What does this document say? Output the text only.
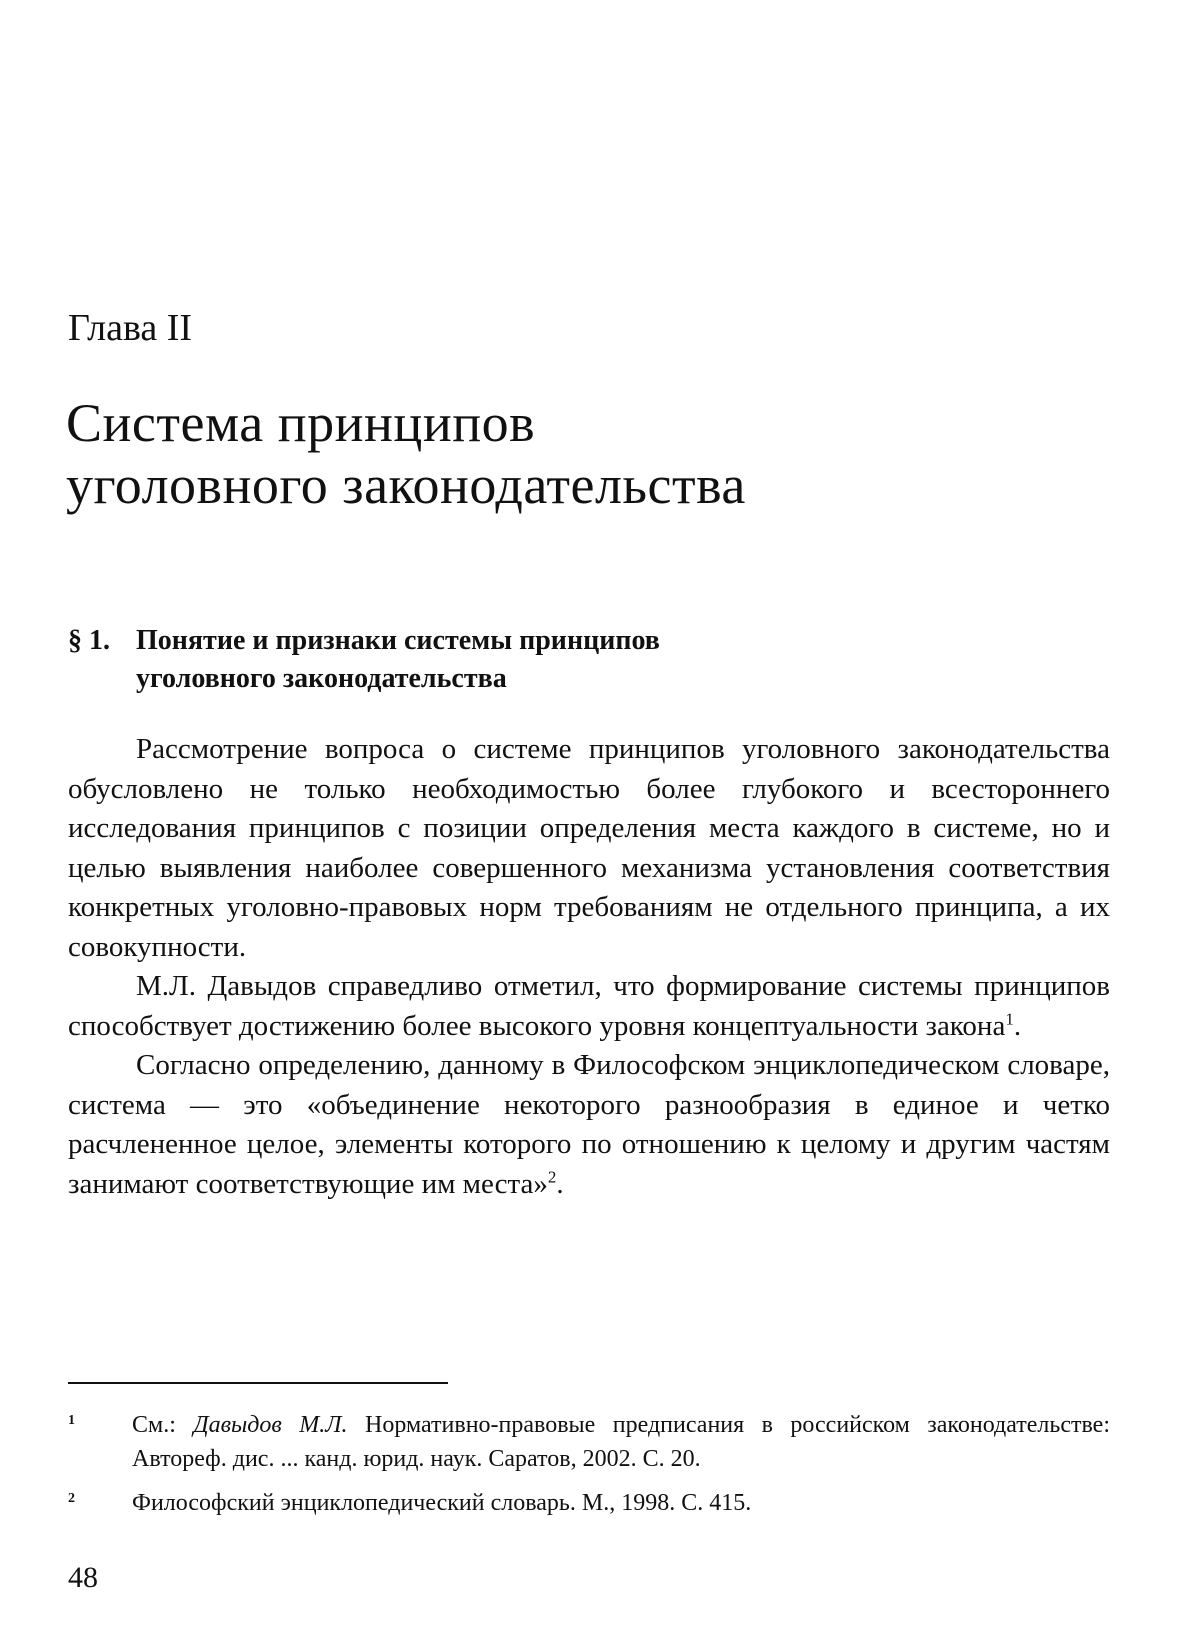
Глава II
Система принципов
уголовного законодательства
§ 1. Понятие и признаки системы принципов
уголовного законодательства

Рассмотрение вопроса о системе принципов уголовного законодательства обусловлено не только необходимостью более глубокого и всестороннего исследования принципов с позиции определения места каждого в системе, но и целью выявления наиболее совершенного механизма установления соответствия конкретных уголовно-правовых норм требованиям не отдельного принципа, а их совокупности.

М.Л. Давыдов справедливо отметил, что формирование системы принципов способствует достижению более высокого уровня концептуальности закона$^1$.

Согласно определению, данному в Философском энциклопедическом словаре, система — это «объединение некоторого разнообразия в единое и четко расчлененное целое, элементы которого по отношению к целому и другим частям занимают соответствующие им места»$^2$.

1 См.: Давыдов М.Л. Нормативно-правовые предписания в российском законодательстве: Автореф. дис. ... канд. юрид. наук. Саратов, 2002. С. 20.

2 Философский энциклопедический словарь. М., 1998. С. 415.

48
